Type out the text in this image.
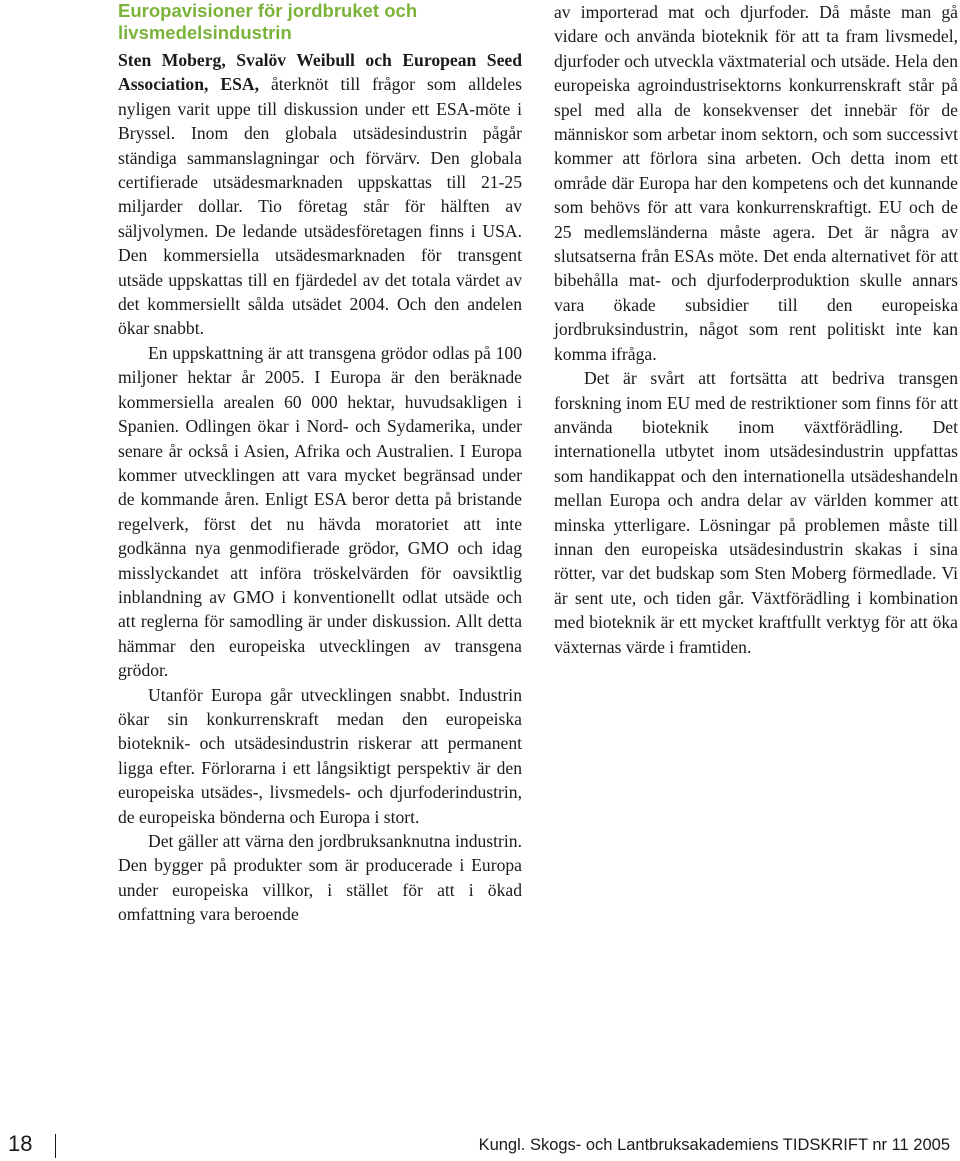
Europavisioner för jordbruket och livsmedelsindustrin

Sten Moberg, Svalöv Weibull och European Seed Association, ESA, återknöt till frågor som alldeles nyligen varit uppe till diskussion under ett ESA-möte i Bryssel. Inom den globala utsädesindustrin pågår ständiga sammanslagningar och förvärv. Den globala certifierade utsädesmarknaden uppskattas till 21-25 miljarder dollar. Tio företag står för hälften av säljvolymen. De ledande utsädesföretagen finns i USA. Den kommersiella utsädesmarknaden för transgent utsäde uppskattas till en fjärdedel av det totala värdet av det kommersiellt sålda utsädet 2004. Och den andelen ökar snabbt.

En uppskattning är att transgena grödor odlas på 100 miljoner hektar år 2005. I Europa är den beräknade kommersiella arealen 60 000 hektar, huvudsakligen i Spanien. Odlingen ökar i Nord- och Sydamerika, under senare år också i Asien, Afrika och Australien. I Europa kommer utvecklingen att vara mycket begränsad under de kommande åren. Enligt ESA beror detta på bristande regelverk, först det nu hävda moratoriet att inte godkänna nya genmodifierade grödor, GMO och idag misslyckandet att införa tröskelvärden för oavsiktlig inblandning av GMO i konventionellt odlat utsäde och att reglerna för samodling är under diskussion. Allt detta hämmar den europeiska utvecklingen av transgena grödor.

Utanför Europa går utvecklingen snabbt. Industrin ökar sin konkurrenskraft medan den europeiska bioteknik- och utsädesindustrin riskerar att permanent ligga efter. Förlorarna i ett långsiktigt perspektiv är den europeiska utsädes-, livsmedels- och djurfoderindustrin, de europeiska bönderna och Europa i stort.

Det gäller att värna den jordbruksanknutna industrin. Den bygger på produkter som är producerade i Europa under europeiska villkor, i stället för att i ökad omfattning vara beroende

av importerad mat och djurfoder. Då måste man gå vidare och använda bioteknik för att ta fram livsmedel, djurfoder och utveckla växtmaterial och utsäde. Hela den europeiska agroindustrisektorns konkurrenskraft står på spel med alla de konsekvenser det innebär för de människor som arbetar inom sektorn, och som successivt kommer att förlora sina arbeten. Och detta inom ett område där Europa har den kompetens och det kunnande som behövs för att vara konkurrenskraftigt. EU och de 25 medlemsländerna måste agera. Det är några av slutsatserna från ESAs möte. Det enda alternativet för att bibehålla mat- och djurfoderproduktion skulle annars vara ökade subsidier till den europeiska jordbruksindustrin, något som rent politiskt inte kan komma ifråga.

Det är svårt att fortsätta att bedriva transgen forskning inom EU med de restriktioner som finns för att använda bioteknik inom växtförädling. Det internationella utbytet inom utsädesindustrin uppfattas som handikappat och den internationella utsädeshandeln mellan Europa och andra delar av världen kommer att minska ytterligare. Lösningar på problemen måste till innan den europeiska utsädesindustrin skakas i sina rötter, var det budskap som Sten Moberg förmedlade. Vi är sent ute, och tiden går. Växtförädling i kombination med bioteknik är ett mycket kraftfullt verktyg för att öka växternas värde i framtiden.

18	Kungl. Skogs- och Lantbruksakademiens TIDSKRIFT nr 11 2005
